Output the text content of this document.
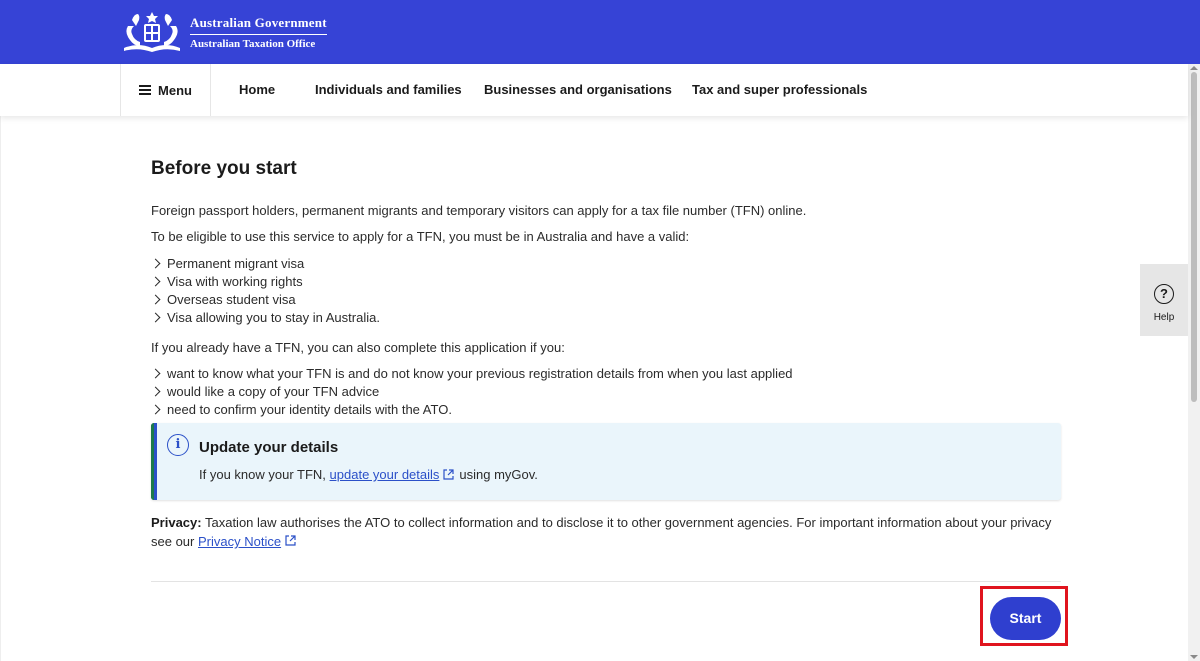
Australian Government
Australian Taxation Office
Menu	Home	Individuals and families Businesses and organisations Tax and super professionals
Before you start
Foreign passport holders, permanent migrants and temporary visitors can apply for a tax file number (TFN) online.
To be eligible to use this service to apply for a TFN, you must be in Australia and have a valid:
Permanent migrant visa
Visa with working rights
Overseas student visa
Visa allowing you to stay in Australia.
If you already have a TFN, you can also complete this application if you:
want to know what your TFN is and do not know your previous registration details from when you last applied
would like a copy of your TFN advice
need to confirm your identity details with the ATO.
i	Update your details
If you know your TFN,
update your details using myGov.
Privacy: Taxation law authorises the ATO to collect information and to disclose it to other government agencies. For important information about your privacy see our Privacy Notice
Start
?
Help
